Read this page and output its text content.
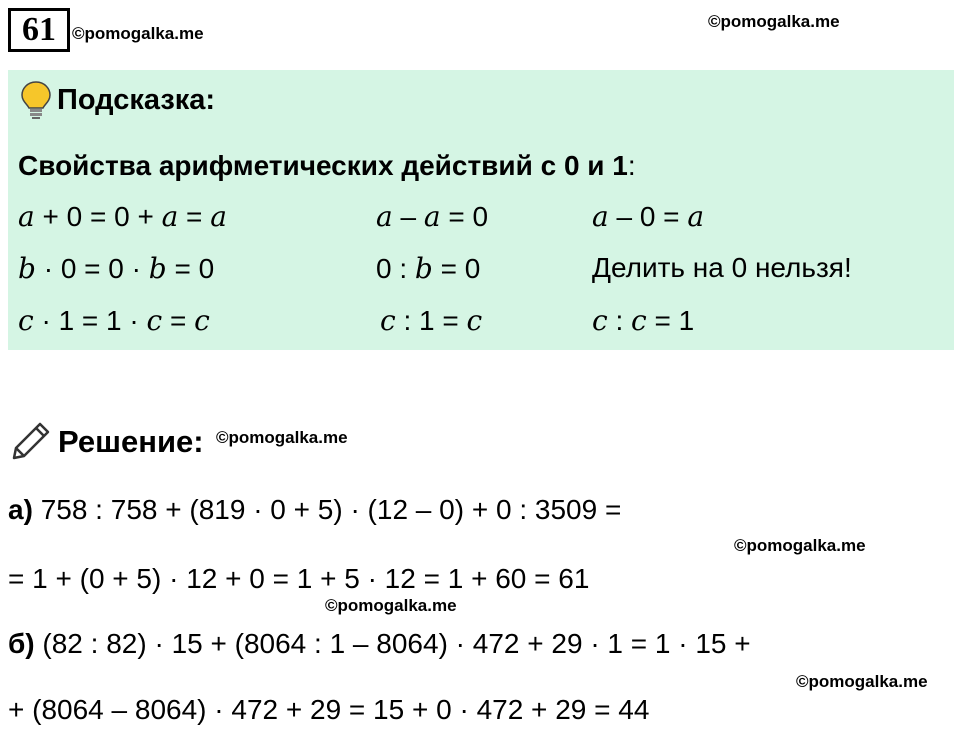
61 ©pomogalka.me
©pomogalka.me
Подсказка:
Свойства арифметических действий с 0 и 1:
a + 0 = 0 + a = a	a – a = 0	a – 0 = a
b · 0 = 0 · b = 0	0 : b = 0	Делить на 0 нельзя!
c · 1 = 1 · c = c	c : 1 = c	c : c = 1
Решение: ©pomogalka.me
а) 758 : 758 + (819 · 0 + 5) · (12 – 0) + 0 : 3509 =
©pomogalka.me
= 1 + (0 + 5) · 12 + 0 = 1 + 5 · 12 = 1 + 60 = 61
©pomogalka.me
б) (82 : 82) · 15 + (8064 : 1 – 8064) · 472 + 29 · 1 = 1 · 15 +
©pomogalka.me
+ (8064 – 8064) · 472 + 29 = 15 + 0 · 472 + 29 = 44
